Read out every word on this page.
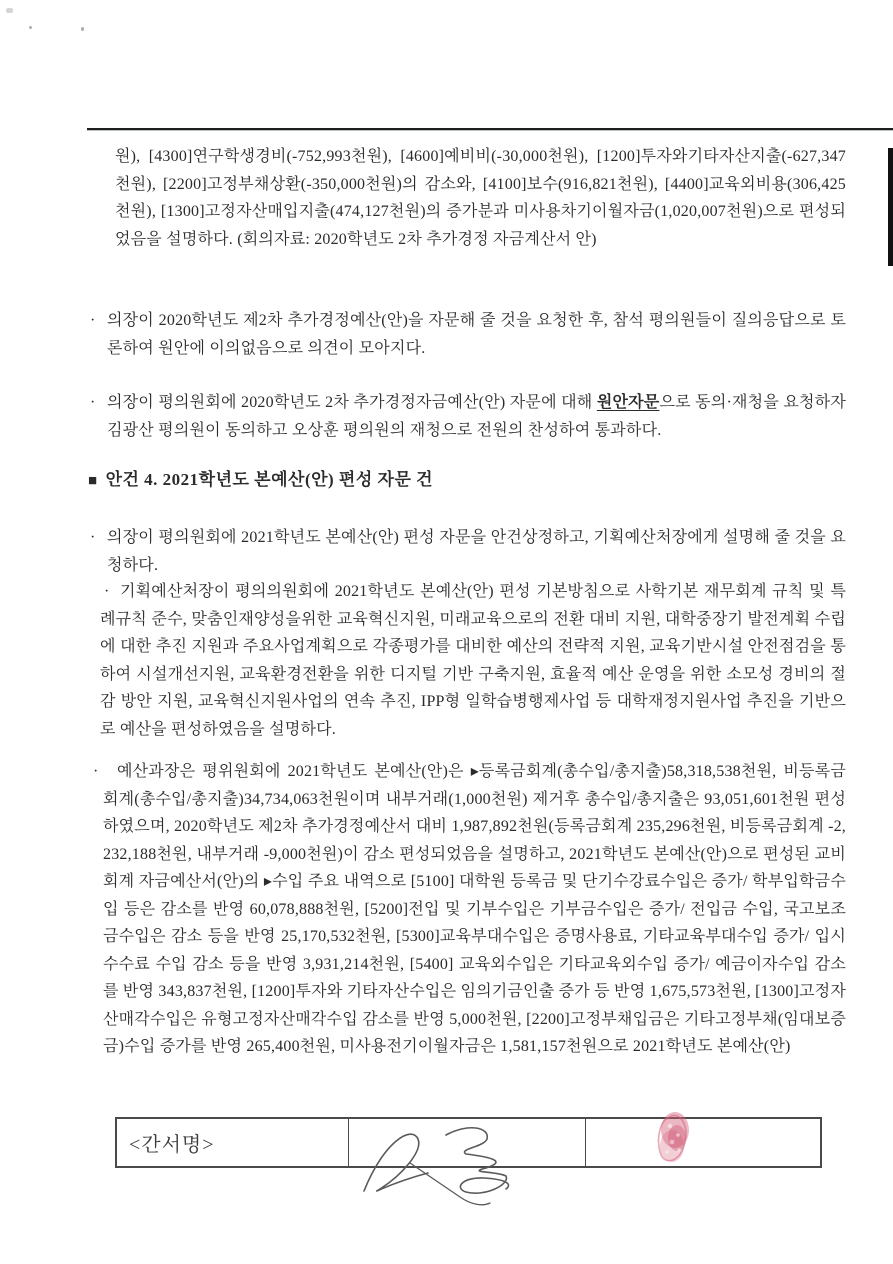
원), [4300]연구학생경비(-752,993천원), [4600]예비비(-30,000천원), [1200]투자와기타자산지출(-627,347천원), [2200]고정부채상환(-350,000천원)의 감소와, [4100]보수(916,821천원), [4400]교육외비용(306,425천원), [1300]고정자산매입지출(474,127천원)의 증가분과 미사용차기이월자금(1,020,007천원)으로 편성되었음을 설명하다. (회의자료: 2020학년도 2차 추가경정 자금계산서 안)
· 의장이 2020학년도 제2차 추가경정예산(안)을 자문해 줄 것을 요청한 후, 참석 평의원들이 질의응답으로 토론하여 원안에 이의없음으로 의견이 모아지다.
· 의장이 평의원회에 2020학년도 2차 추가경정자금예산(안) 자문에 대해 원안자문으로 동의·재청을 요청하자 김광산 평의원이 동의하고 오상훈 평의원의 재청으로 전원의 찬성하여 통과하다.
■ 안건 4. 2021학년도 본예산(안) 편성 자문 건
· 의장이 평의원회에 2021학년도 본예산(안) 편성 자문을 안건상정하고, 기획예산처장에게 설명해 줄 것을 요청하다.
· 기획예산처장이 평의의원회에 2021학년도 본예산(안) 편성 기본방침으로 사학기본 재무회계 규칙 및 특례규칙 준수, 맞춤인재양성을위한 교육혁신지원, 미래교육으로의 전환 대비 지원, 대학중장기 발전계획 수립에 대한 추진 지원과 주요사업계획으로 각종평가를 대비한 예산의 전략적 지원, 교육기반시설 안전점검을 통하여 시설개선지원, 교육환경전환을 위한 디지털 기반 구축지원, 효율적 예산 운영을 위한 소모성 경비의 절감 방안 지원, 교육혁신지원사업의 연속 추진, IPP형 일학습병행제사업 등 대학재정지원사업 추진을 기반으로 예산을 편성하였음을 설명하다.
·	예산과장은 평위원회에 2021학년도 본예산(안)은 ▸등록금회계(총수입/총지출)58,318,538천원, 비등록금회계(총수입/총지출)34,734,063천원이며 내부거래(1,000천원) 제거후 총수입/총지출은 93,051,601천원 편성하였으며, 2020학년도 제2차 추가경정예산서 대비 1,987,892천원(등록금회계 235,296천원, 비등록금회계 -2,232,188천원, 내부거래 -9,000천원)이 감소 편성되었음을 설명하고, 2021학년도 본예산(안)으로 편성된 교비회계 자금예산서(안)의 ▸수입 주요 내역으로 [5100] 대학원 등록금 및 단기수강료수입은 증가/ 학부입학금수입 등은 감소를 반영 60,078,888천원, [5200]전입 및 기부수입은 기부금수입은 증가/ 전입금 수입, 국고보조금수입은 감소 등을 반영 25,170,532천원, [5300]교육부대수입은 증명사용료, 기타교육부대수입 증가/ 입시수수료 수입 감소 등을 반영 3,931,214천원, [5400] 교육외수입은 기타교육외수입 증가/ 예금이자수입 감소를 반영 343,837천원, [1200]투자와 기타자산수입은 임의기금인출 증가 등 반영 1,675,573천원, [1300]고정자산매각수입은 유형고정자산매각수입 감소를 반영 5,000천원, [2200]고정부채입금은 기타고정부채(임대보증금)수입 증가를 반영 265,400천원, 미사용전기이월자금은 1,581,157천원으로 2021학년도 본예산(안)
<간서명>
